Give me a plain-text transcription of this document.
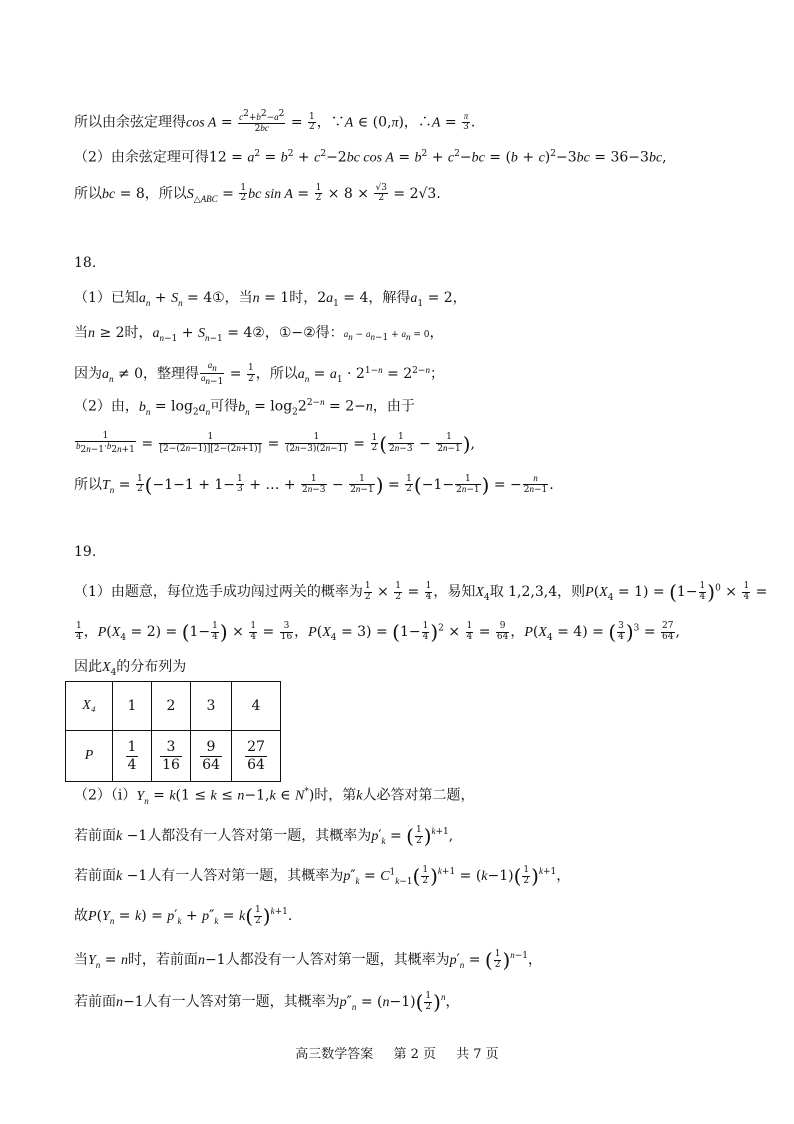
所以由余弦定理得$\cos A = \frac{c^2+b^2-a^2}{2bc} = \frac{1}{2}$ ，∵A ∈ (0,π)，∴A = $\frac{\pi}{3}$ .
（2）由余弦定理可得$12 = a^2 = b^2 + c^2-2bc$ $\cos A = b^2 + c^2-bc = (b + c)^2-3bc = 36-3bc$,
所以bc = 8，所以$S_{\triangle ABC} = \frac{1}{2}$ bc $\sin A = \frac{1}{2} \times 8 \times \frac{√3}{2} = 2√3$.
18.
（1）已知$a_n + S_n$ = 4①，当n = 1时，$2a_1 = 4$，解得$a_1 = 2$，
当n ≥ 2时，$a_{n-1} + S_{n-1}$ = 4②，①−②得：$a_n - a_{n-1} + a_n = 0$，
因为$a_n \ne 0$，整理得 $\frac{a_n}{a_{n-1}} = \frac{1}{2}$ ，所以$a_n = a_1 \cdot 2^{1-n} = 2^{2-n}$；
（2）由，$b_n = \log_2a_n$可得$b_n = \log_22^{2-n} = 2-n$，由于
$\frac{1}{b_{2n-1}\cdot b_{2n+1}} = \frac{1}{[2-(2n-1)][2-(2n+1)]} = \frac{1}{(2n-3)(2n-1)} = \frac{1}{2}$ ( $\frac{1}{2n-3} - \frac{1}{2n-1}$ ),
所以$T_n = \frac{1}{2} (-1-1 + 1- \frac{1}{3}$ + … + $\frac{1}{2n-3} - \frac{1}{2n-1}$ ) = $\frac{1}{2} (-1- \frac{1}{2n-1}$ ) = − $\frac{n}{2n-1}$ .
19.
（1）由题意，每位选手成功闯过两关的概率为 $\frac{1}{2} \times \frac{1}{2} = \frac{1}{4}$ ，易知$X_4$取 1,2,3,4，则$P(X_4 = 1) = (1- \frac{1}{4} )^0 \times \frac{1}{4}$ =
$\frac{1}{4}$ ，$P(X_4 = 2) = (1- \frac{1}{4}$ ) × $\frac{1}{4} = \frac{3}{16}$ ，$P(X_4 = 3) = (1- \frac{1}{4} )^2 \times \frac{1}{4} = \frac{9}{64}$ ，$P(X_4 = 4)$ = ( $\frac{3}{4} )^3 = \frac{27}{64}$ ,
因此$X_4$的分布列为
X₄	1	2	3	4
P	$\frac{1}{4}$	$\frac{3}{16}$	$\frac{9}{64}$	$\frac{27}{64}$
$(2)(i)Y_n = k(1 \le k \le n-1,k$ ∈ N*)时，第k人必答对第二题，
若前面k −1人都没有一人答对第一题，其概率为$p'_k$ = ( $\frac{1}{2} )^{k+1}$,
若前面k −1人有一人答对第一题，其概率为$p''_k = C^1_{k-1}( \frac{1}{2} )^{k+1} = (k-1)( \frac{1}{2} )^{k+1}$，
故$P(Y_n = k) = p'_k + p''_k = k( \frac{1}{2} )^{k+1}$.
当$Y_n = n$时，若前面n−1人都没有一人答对第一题，其概率为$p'_n$ = ( $\frac{1}{2} )^{n-1}$，
若前面n−1人有一人答对第一题，其概率为$p''_n = (n-1)( \frac{1}{2} )^n$，
高三数学答案 第 2 页 共 7 页
